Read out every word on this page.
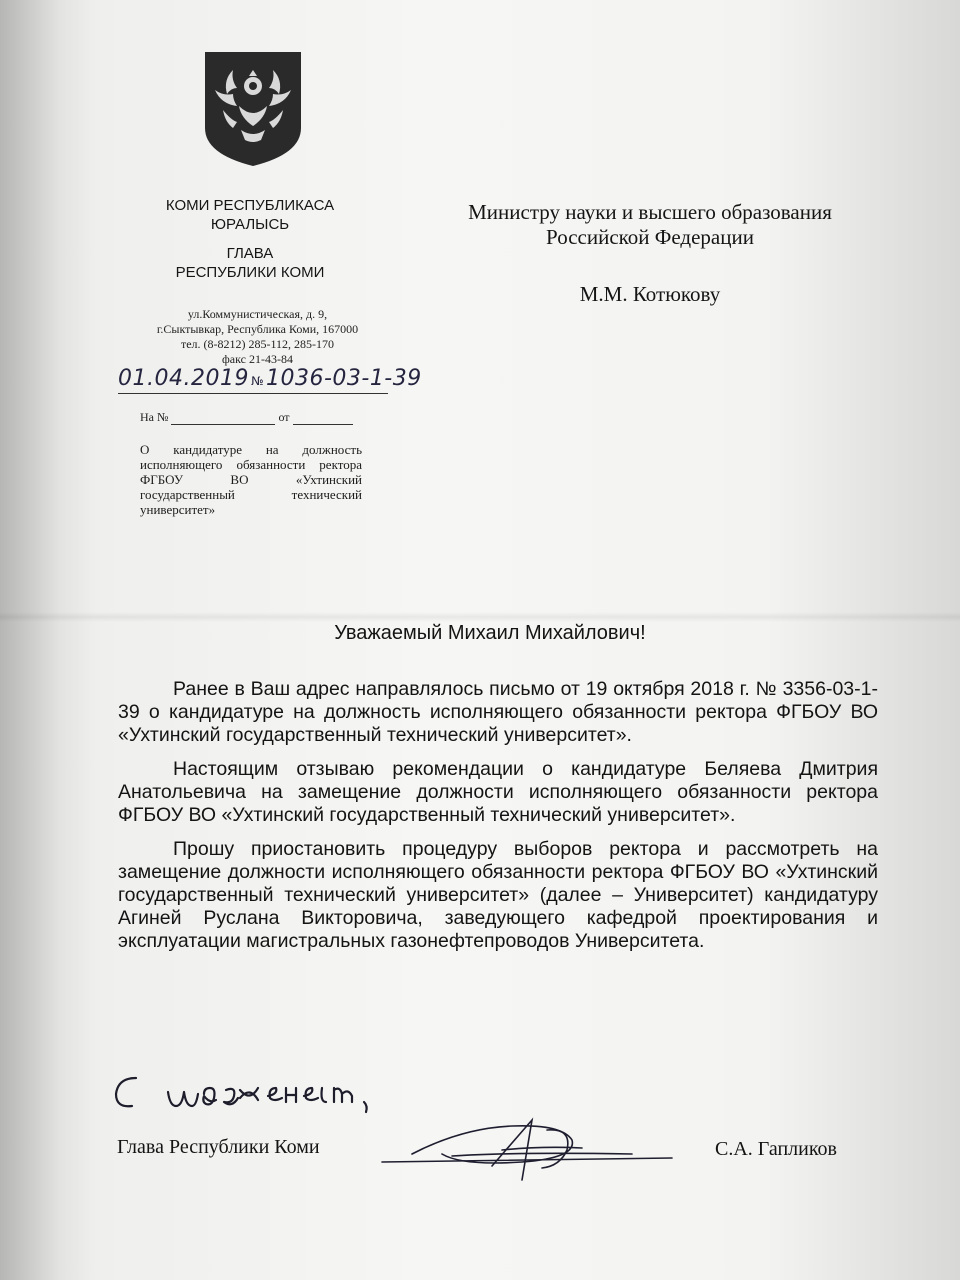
КОМИ РЕСПУБЛИКАСА
ЮРАЛЫСЬ
ГЛАВА
РЕСПУБЛИКИ КОМИ
ул.Коммунистическая, д. 9,
г.Сыктывкар, Республика Коми, 167000
тел. (8-8212) 285-112, 285-170
факс 21-43-84
01.04.2019 №1036-03-1-39
На №	от
О кандидатуре на должность исполняющего обязанности ректора ФГБОУ ВО «Ухтинский государственный технический университет»
Министру науки и высшего образования
Российской Федерации
М.М. Котюкову
Уважаемый Михаил Михайлович!

Ранее в Ваш адрес направлялось письмо от 19 октября 2018 г. № 3356-03-1-39 о кандидатуре на должность исполняющего обязанности ректора ФГБОУ ВО «Ухтинский государственный технический университет».

Настоящим отзываю рекомендации о кандидатуре Беляева Дмитрия Анатольевича на замещение должности исполняющего обязанности ректора ФГБОУ ВО «Ухтинский государственный технический университет».

Прошу приостановить процедуру выборов ректора и рассмотреть на замещение должности исполняющего обязанности ректора ФГБОУ ВО «Ухтинский государственный технический университет» (далее – Университет) кандидатуру Агиней Руслана Викторовича, заведующего кафедрой проектирования и эксплуатации магистральных газонефтепроводов Университета.

Глава Республики Коми	С.А. Гапликов
